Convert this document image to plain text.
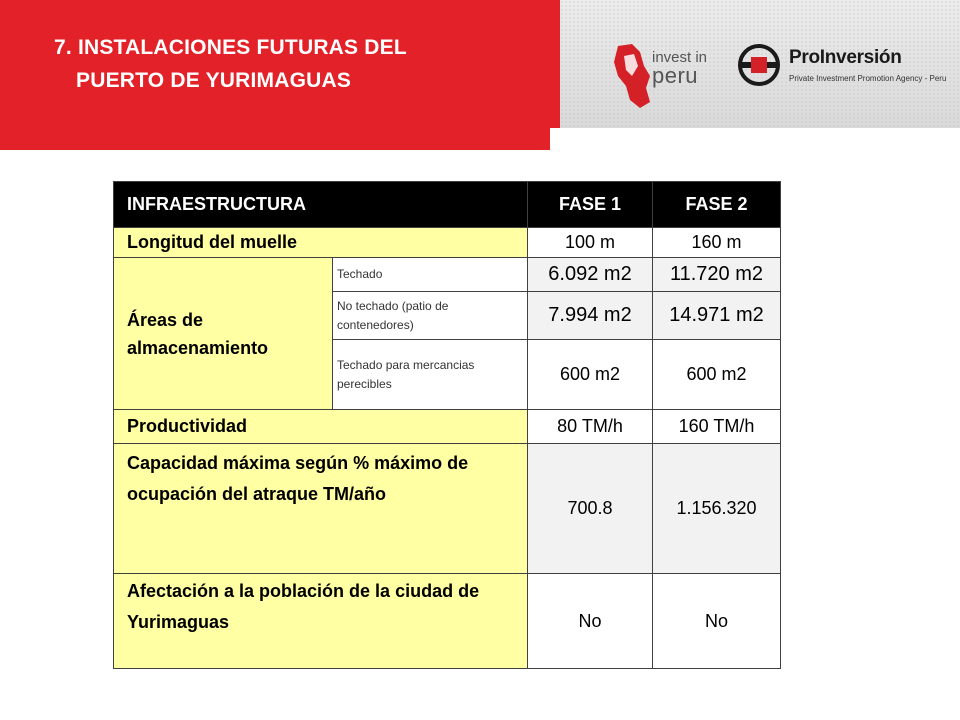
7. INSTALACIONES FUTURAS DEL
PUERTO DE YURIMAGUAS
invest in
peru
ProInversión
Private Investment Promotion Agency - Peru
INFRAESTRUCTURA		FASE 1	FASE 2
Longitud del muelle		100 m	160 m
Áreas de almacenamiento	Techado	6.092 m2	11.720 m2
	No techado (patio de contenedores)	7.994 m2	14.971 m2
	Techado para mercancias perecibles	600 m2	600 m2
Productividad		80 TM/h	160 TM/h
Capacidad máxima según % máximo de ocupación del atraque TM/año		700.8	1.156.320
Afectación a la población de la ciudad de Yurimaguas		No	No
